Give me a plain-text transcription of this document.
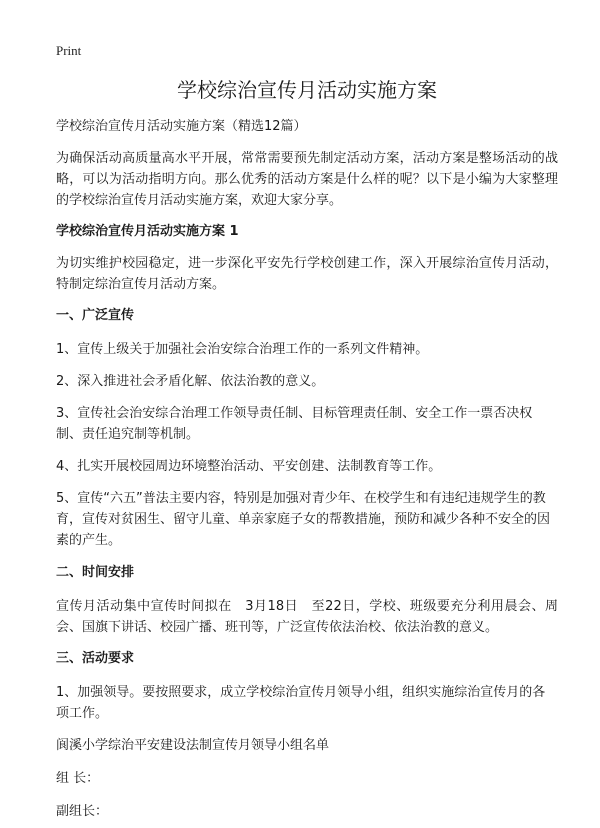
Print
学校综治宣传月活动实施方案

学校综治宣传月活动实施方案（精选12篇）

为确保活动高质量高水平开展，常常需要预先制定活动方案，活动方案是整场活动的战略，可以为活动指明方向。那么优秀的活动方案是什么样的呢？以下是小编为大家整理的学校综治宣传月活动实施方案，欢迎大家分享。

学校综治宣传月活动实施方案 1

为切实维护校园稳定，进一步深化平安先行学校创建工作，深入开展综治宣传月活动，特制定综治宣传月活动方案。

一、广泛宣传

1、宣传上级关于加强社会治安综合治理工作的一系列文件精神。

2、深入推进社会矛盾化解、依法治教的意义。

3、宣传社会治安综合治理工作领导责任制、目标管理责任制、安全工作一票否决权制、责任追究制等机制。

4、扎实开展校园周边环境整治活动、平安创建、法制教育等工作。

5、宣传“六五”普法主要内容，特别是加强对青少年、在校学生和有违纪违规学生的教育，宣传对贫困生、留守儿童、单亲家庭子女的帮教措施，预防和减少各种不安全的因素的产生。

二、时间安排

宣传月活动集中宣传时间拟在　3月18日　至22日，学校、班级要充分利用晨会、周会、国旗下讲话、校园广播、班刊等，广泛宣传依法治校、依法治教的意义。

三、活动要求

1、加强领导。要按照要求，成立学校综治宣传月领导小组，组织实施综治宣传月的各项工作。

阆溪小学综治平安建设法制宣传月领导小组名单

组 长：

副组长：
